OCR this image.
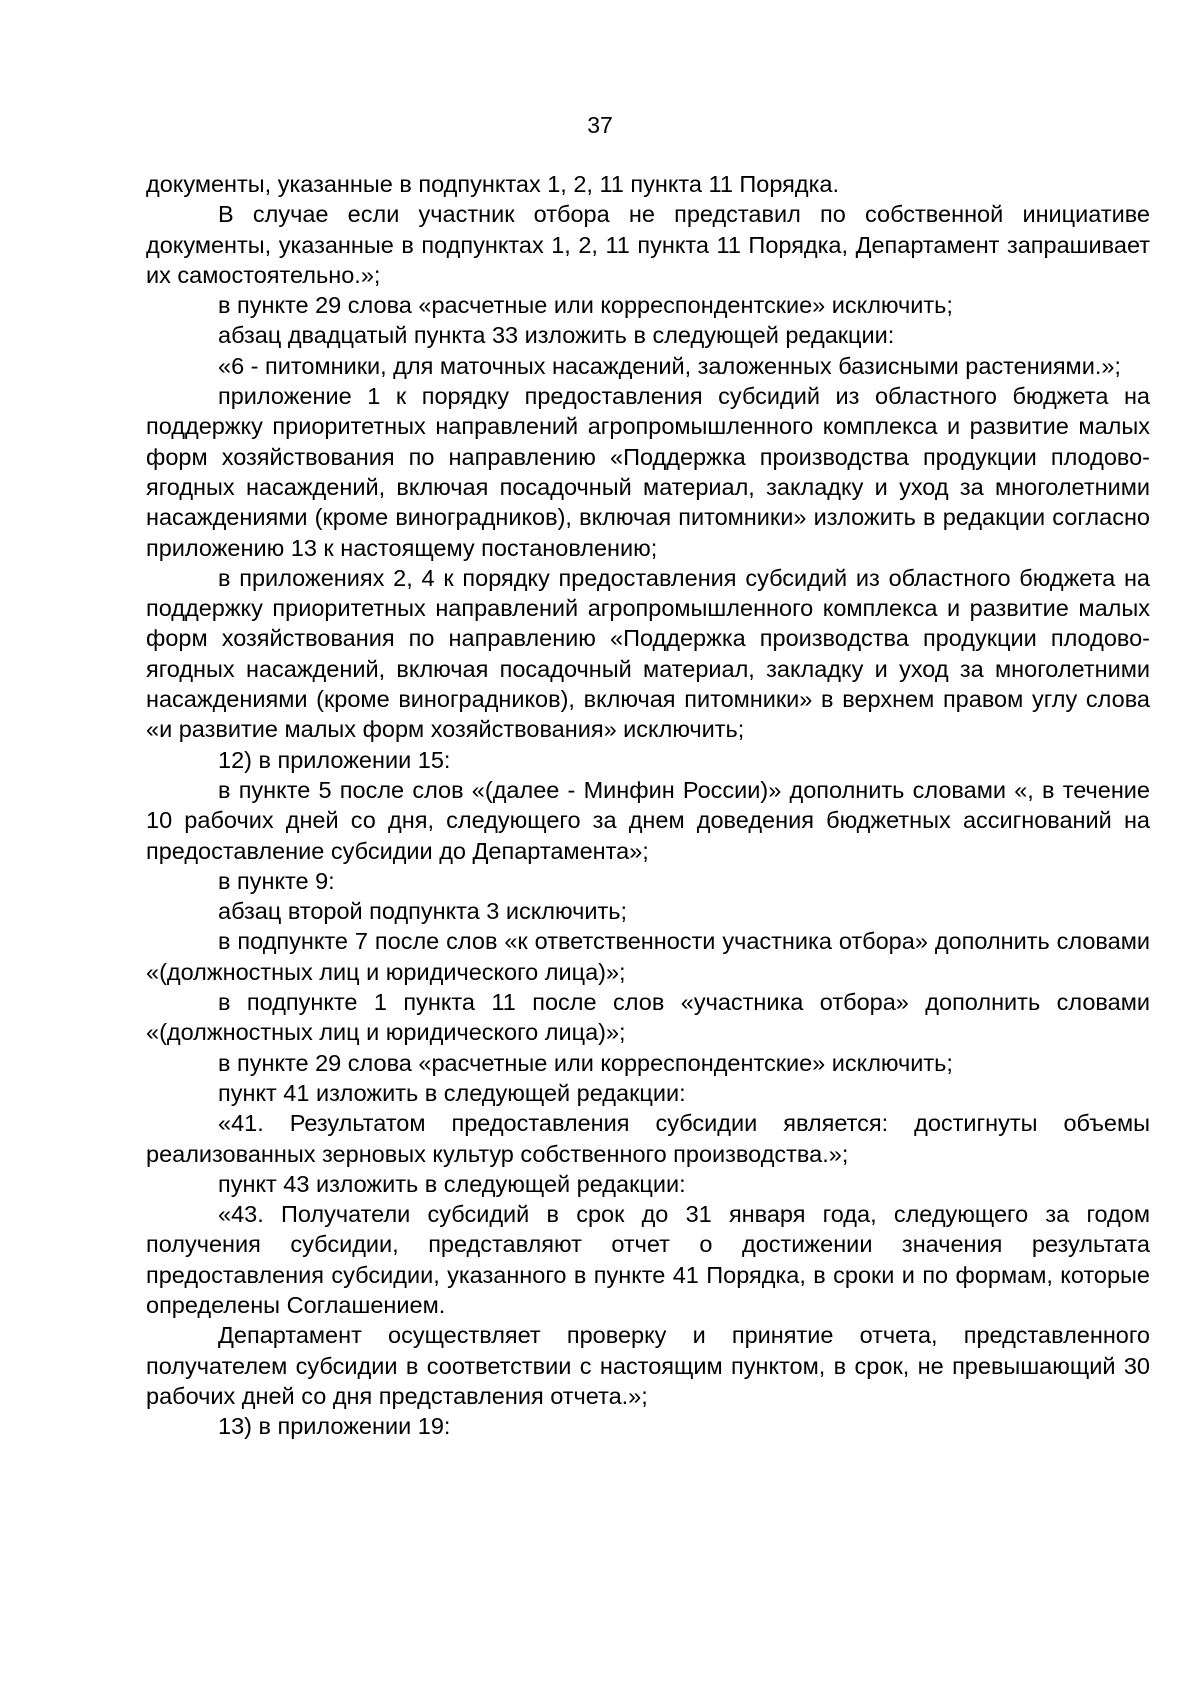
37

документы, указанные в подпунктах 1, 2, 11 пункта 11 Порядка.

В случае если участник отбора не представил по собственной инициативе документы, указанные в подпунктах 1, 2, 11 пункта 11 Порядка, Департамент запрашивает их самостоятельно.»;

в пункте 29 слова «расчетные или корреспондентские» исключить;

абзац двадцатый пункта 33 изложить в следующей редакции:

«6 - питомники, для маточных насаждений, заложенных базисными растениями.»;

приложение 1 к порядку предоставления субсидий из областного бюджета на поддержку приоритетных направлений агропромышленного комплекса и развитие малых форм хозяйствования по направлению «Поддержка производства продукции плодово-ягодных насаждений, включая посадочный материал, закладку и уход за многолетними насаждениями (кроме виноградников), включая питомники» изложить в редакции согласно приложению 13 к настоящему постановлению;

в приложениях 2, 4 к порядку предоставления субсидий из областного бюджета на поддержку приоритетных направлений агропромышленного комплекса и развитие малых форм хозяйствования по направлению «Поддержка производства продукции плодово-ягодных насаждений, включая посадочный материал, закладку и уход за многолетними насаждениями (кроме виноградников), включая питомники» в верхнем правом углу слова «и развитие малых форм хозяйствования» исключить;

12) в приложении 15:

в пункте 5 после слов «(далее - Минфин России)» дополнить словами «, в течение 10 рабочих дней со дня, следующего за днем доведения бюджетных ассигнований на предоставление субсидии до Департамента»;

в пункте 9:

абзац второй подпункта 3 исключить;

в подпункте 7 после слов «к ответственности участника отбора» дополнить словами «(должностных лиц и юридического лица)»;

в подпункте 1 пункта 11 после слов «участника отбора» дополнить словами «(должностных лиц и юридического лица)»;

в пункте 29 слова «расчетные или корреспондентские» исключить;

пункт 41 изложить в следующей редакции:

«41. Результатом предоставления субсидии является: достигнуты объемы реализованных зерновых культур собственного производства.»;

пункт 43 изложить в следующей редакции:

«43. Получатели субсидий в срок до 31 января года, следующего за годом получения субсидии, представляют отчет о достижении значения результата предоставления субсидии, указанного в пункте 41 Порядка, в сроки и по формам, которые определены Соглашением.

Департамент осуществляет проверку и принятие отчета, представленного получателем субсидии в соответствии с настоящим пунктом, в срок, не превышающий 30 рабочих дней со дня представления отчета.»;

13) в приложении 19:
